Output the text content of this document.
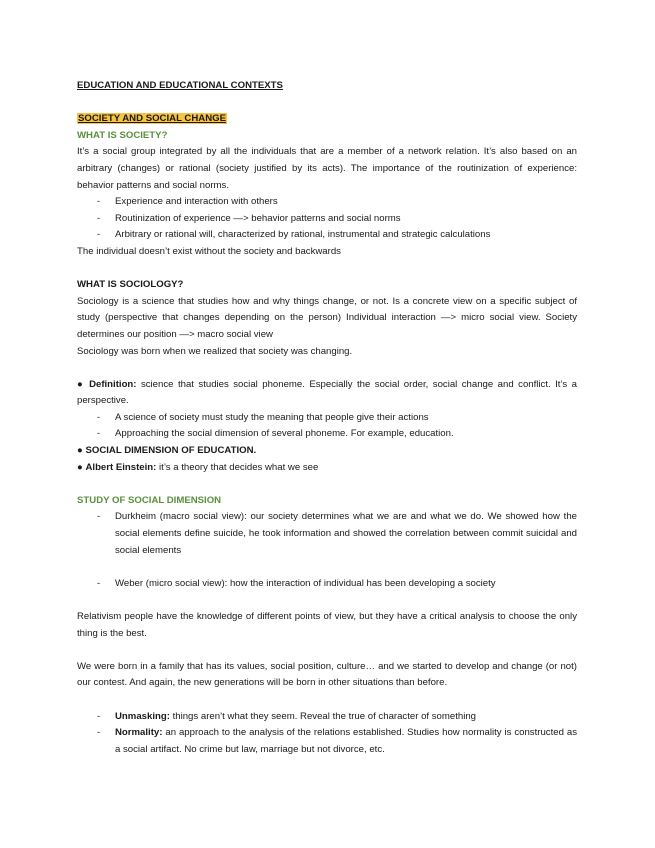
EDUCATION AND EDUCATIONAL CONTEXTS

SOCIETY AND SOCIAL CHANGE

WHAT IS SOCIETY?

It’s a social group integrated by all the individuals that are a member of a network relation. It’s also based on an arbitrary (changes) or rational (society justified by its acts). The importance of the routinization of experience: behavior patterns and social norms.

- Experience and interaction with others
- Routinization of experience —> behavior patterns and social norms
- Arbitrary or rational will, characterized by rational, instrumental and strategic calculations

The individual doesn’t exist without the society and backwards

WHAT IS SOCIOLOGY?

Sociology is a science that studies how and why things change, or not. Is a concrete view on a specific subject of study (perspective that changes depending on the person) Individual interaction —> micro social view. Society determines our position —> macro social view

Sociology was born when we realized that society was changing.

● Definition: science that studies social phoneme. Especially the social order, social change and conflict. It’s a perspective.

- A science of society must study the meaning that people give their actions
- Approaching the social dimension of several phoneme. For example, education.

● SOCIAL DIMENSION OF EDUCATION.

● Albert Einstein: it’s a theory that decides what we see

STUDY OF SOCIAL DIMENSION

- Durkheim (macro social view): our society determines what we are and what we do. We showed how the social elements define suicide, he took information and showed the correlation between commit suicidal and social elements
- Weber (micro social view): how the interaction of individual has been developing a society

Relativism people have the knowledge of different points of view, but they have a critical analysis to choose the only thing is the best.

We were born in a family that has its values, social position, culture… and we started to develop and change (or not) our contest. And again, the new generations will be born in other situations than before.

- Unmasking: things aren’t what they seem. Reveal the true of character of something
- Normality: an approach to the analysis of the relations established. Studies how normality is constructed as a social artifact. No crime but law, marriage but not divorce, etc.
